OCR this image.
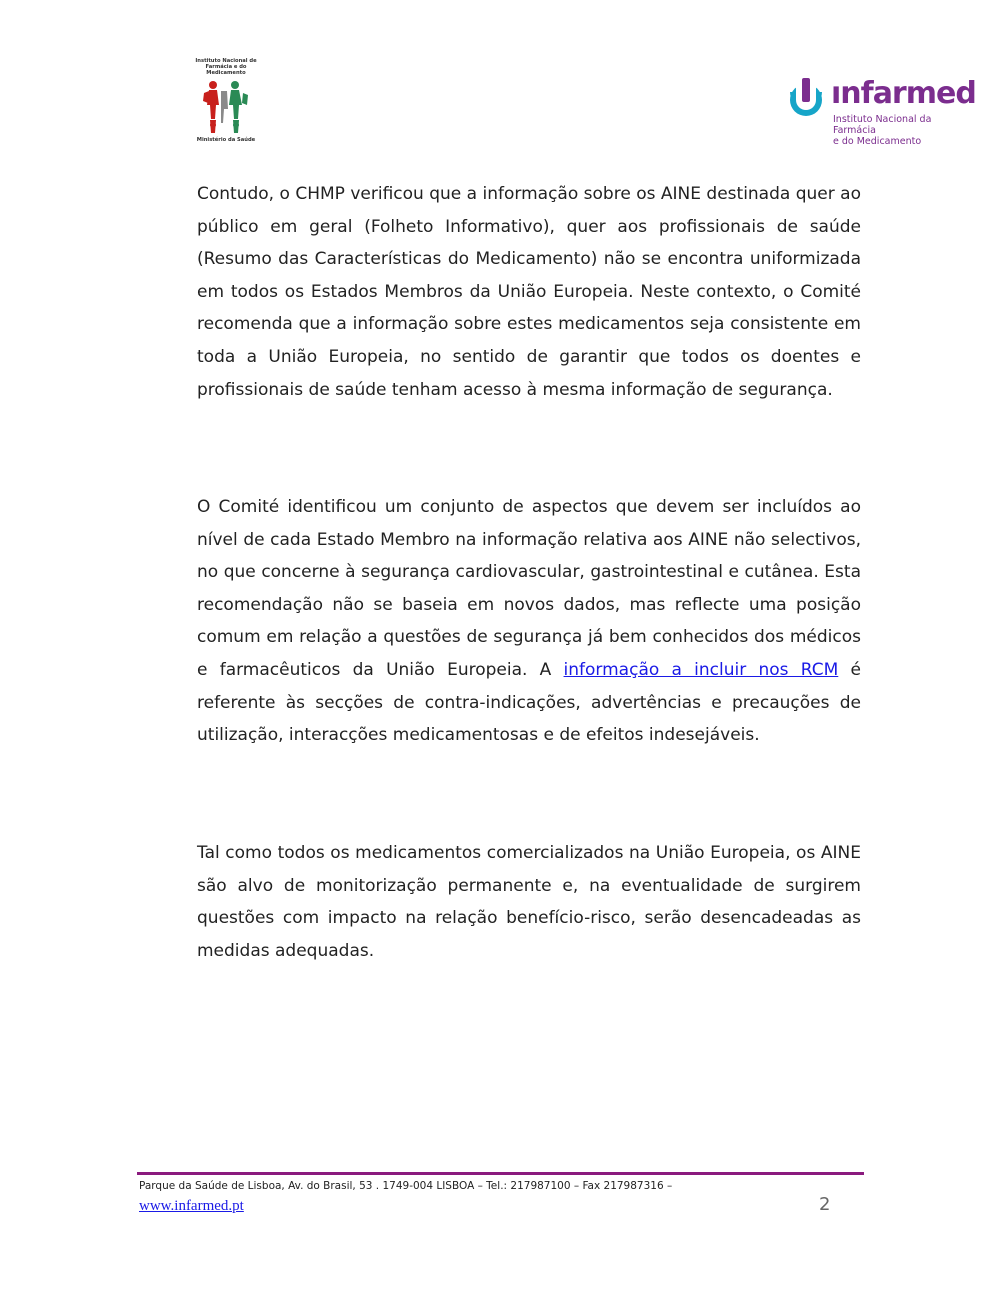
Instituto Nacional de Farmácia e do Medicamento
Ministério da Saúde
ınfarmed
Instituto Nacional da Farmácia
e do Medicamento

Contudo, o CHMP verificou que a informação sobre os AINE destinada quer ao público em geral (Folheto Informativo), quer aos profissionais de saúde (Resumo das Características do Medicamento) não se encontra uniformizada em todos os Estados Membros da União Europeia. Neste contexto, o Comité recomenda que a informação sobre estes medicamentos seja consistente em toda a União Europeia, no sentido de garantir que todos os doentes e profissionais de saúde tenham acesso à mesma informação de segurança.

O Comité identificou um conjunto de aspectos que devem ser incluídos ao nível de cada Estado Membro na informação relativa aos AINE não selectivos, no que concerne à segurança cardiovascular, gastrointestinal e cutânea. Esta recomendação não se baseia em novos dados, mas reflecte uma posição comum em relação a questões de segurança já bem conhecidos dos médicos e farmacêuticos da União Europeia. A informação a incluir nos RCM é referente às secções de contra-indicações, advertências e precauções de utilização, interacções medicamentosas e de efeitos indesejáveis.

Tal como todos os medicamentos comercializados na União Europeia, os AINE são alvo de monitorização permanente e, na eventualidade de surgirem questões com impacto na relação benefício-risco, serão desencadeadas as medidas adequadas.

Parque da Saúde de Lisboa, Av. do Brasil, 53 . 1749-004 LISBOA – Tel.: 217987100 – Fax 217987316 –
www.infarmed.pt	2
